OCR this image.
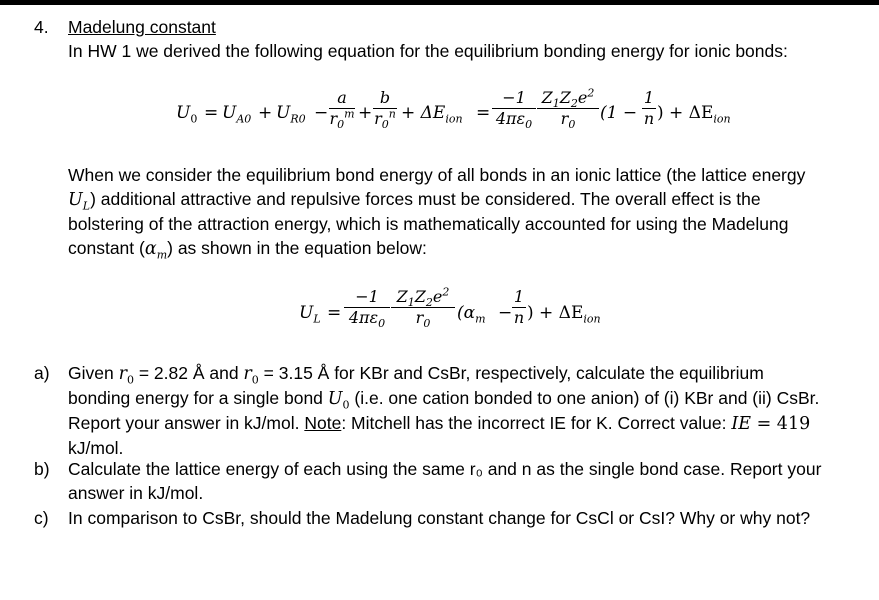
4. Madelung constant
In HW 1 we derived the following equation for the equilibrium bonding energy for ionic bonds:
$U_0 = U_{A0} + U_{R0}$ −
a
$r_0^m$ +
b
$r_0^n + \Delta E_{ion}$ =
−1
$4\pi\varepsilon_0$
$Z_1Z_2e^2$
$r_0$
(1 −
1
n ) + $\Delta E_{ion}$
When we consider the equilibrium bond energy of all bonds in an ionic lattice (the lattice energy
$U_L$) additional attractive and repulsive forces must be considered. The overall effect is the
bolstering of the attraction energy, which is mathematically accounted for using the Madelung
constant $(\alpha_m)$ as shown in the equation below:
$U_L$ =
−1
$4\pi\varepsilon_0$
$Z_1Z_2e^2$
$r_0$
($\alpha_m$ −
1
n ) + $\Delta E_{ion}$
a) Given $r_0 = 2.82$ Å and $r_0 = 3.15$ Å for KBr and CsBr, respectively, calculate the equilibrium
bonding energy for a single bond $U_0$ (i.e. one cation bonded to one anion) of (i) KBr and (ii) CsBr.
Report your answer in kJ/mol. Note: Mitchell has the incorrect IE for K. Correct value: IE = 419
kJ/mol.
b) Calculate the lattice energy of each using the same r₀ and n as the single bond case. Report your
answer in kJ/mol.
c) In comparison to CsBr, should the Madelung constant change for CsCl or CsI? Why or why not?
